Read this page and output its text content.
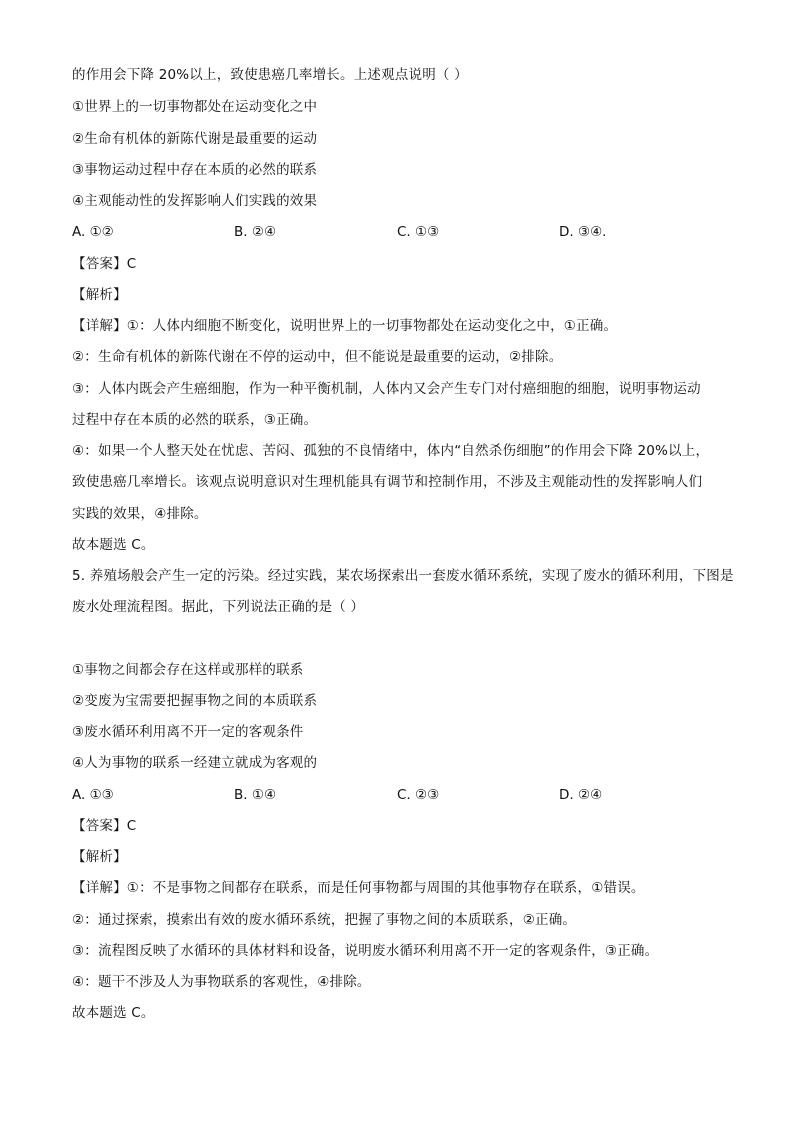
的作用会下降 20%以上，致使患癌几率增长。上述观点说明（ ）
①世界上的一切事物都处在运动变化之中
②生命有机体的新陈代谢是最重要的运动
③事物运动过程中存在本质的必然的联系
④主观能动性的发挥影响人们实践的效果
A. ①②	B. ②④	C. ①③	D. ③④.
【答案】C
【解析】
【详解】①：人体内细胞不断变化，说明世界上的一切事物都处在运动变化之中，①正确。
②：生命有机体的新陈代谢在不停的运动中，但不能说是最重要的运动，②排除。
③：人体内既会产生癌细胞，作为一种平衡机制，人体内又会产生专门对付癌细胞的细胞，说明事物运动
过程中存在本质的必然的联系，③正确。
④：如果一个人整天处在忧虑、苦闷、孤独的不良情绪中，体内“自然杀伤细胞”的作用会下降 20%以上，
致使患癌几率增长。该观点说明意识对生理机能具有调节和控制作用，不涉及主观能动性的发挥影响人们
实践的效果，④排除。
故本题选 C。
5. 养殖场般会产生一定的污染。经过实践，某农场探索出一套废水循环系统，实现了废水的循环利用，下图是
废水处理流程图。据此，下列说法正确的是（ ）
①事物之间都会存在这样或那样的联系
②变废为宝需要把握事物之间的本质联系
③废水循环利用离不开一定的客观条件
④人为事物的联系一经建立就成为客观的
A. ①③	B. ①④	C. ②③	D. ②④
【答案】C
【解析】
【详解】①：不是事物之间都存在联系，而是任何事物都与周围的其他事物存在联系，①错误。
②：通过探索，摸索出有效的废水循环系统，把握了事物之间的本质联系，②正确。
③：流程图反映了水循环的具体材料和设备，说明废水循环利用离不开一定的客观条件，③正确。
④：题干不涉及人为事物联系的客观性，④排除。
故本题选 C。
